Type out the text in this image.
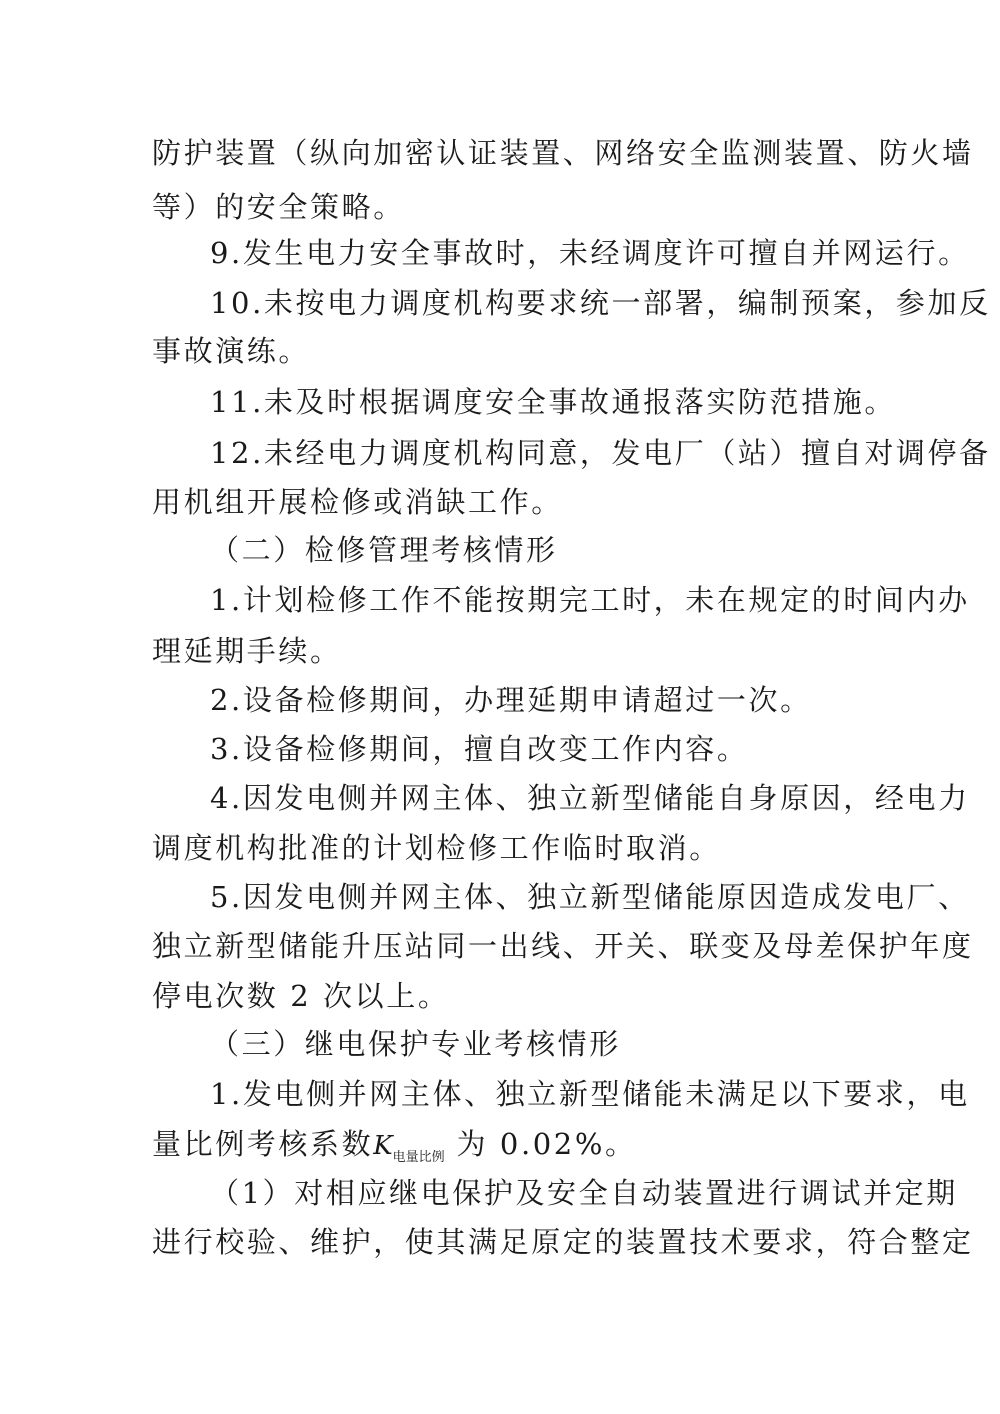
防护装置（纵向加密认证装置、网络安全监测装置、防火墙
等）的安全策略。
9.发生电力安全事故时，未经调度许可擅自并网运行。
10.未按电力调度机构要求统一部署，编制预案，参加反
事故演练。
11.未及时根据调度安全事故通报落实防范措施。
12.未经电力调度机构同意，发电厂（站）擅自对调停备
用机组开展检修或消缺工作。
（二）检修管理考核情形
1.计划检修工作不能按期完工时，未在规定的时间内办
理延期手续。
2.设备检修期间，办理延期申请超过一次。
3.设备检修期间，擅自改变工作内容。
4.因发电侧并网主体、独立新型储能自身原因，经电力
调度机构批准的计划检修工作临时取消。
5.因发电侧并网主体、独立新型储能原因造成发电厂、
独立新型储能升压站同一出线、开关、联变及母差保护年度
停电次数 2 次以上。
（三）继电保护专业考核情形
1.发电侧并网主体、独立新型储能未满足以下要求，电
量比例考核系数$K_{电量比例}$ 为 0.02%。
（1）对相应继电保护及安全自动装置进行调试并定期
进行校验、维护，使其满足原定的装置技术要求，符合整定
